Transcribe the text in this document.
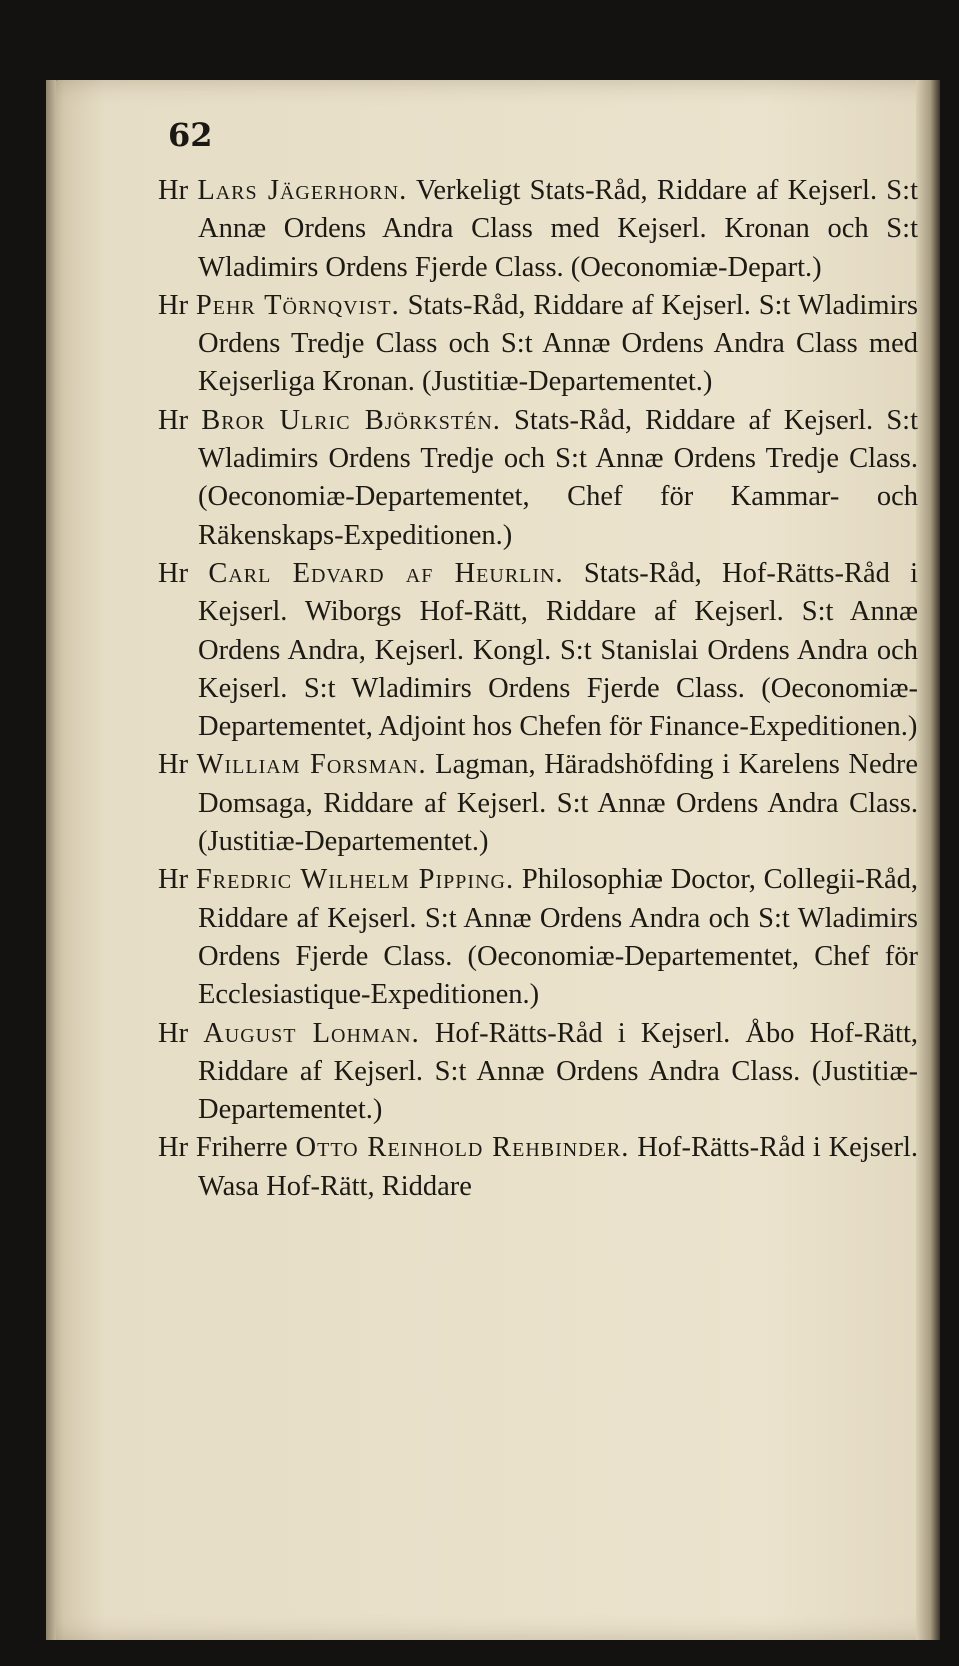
62

Hr Lars Jägerhorn. Verkeligt Stats-Råd, Riddare af Kejserl. S:t Annæ Ordens Andra Class med Kejserl. Kronan och S:t Wladimirs Ordens Fjerde Class. (Oeconomiæ-Depart.)

Hr Pehr Törnqvist. Stats-Råd, Riddare af Kejserl. S:t Wladimirs Ordens Tredje Class och S:t Annæ Ordens Andra Class med Kejserliga Kronan. (Justitiæ-Departementet.)

Hr Bror Ulric Björkstén. Stats-Råd, Riddare af Kejserl. S:t Wladimirs Ordens Tredje och S:t Annæ Ordens Tredje Class. (Oeconomiæ-Departementet, Chef för Kammar- och Räkenskaps-Expeditionen.)

Hr Carl Edvard af Heurlin. Stats-Råd, Hof-Rätts-Råd i Kejserl. Wiborgs Hof-Rätt, Riddare af Kejserl. S:t Annæ Ordens Andra, Kejserl. Kongl. S:t Stanislai Ordens Andra och Kejserl. S:t Wladimirs Ordens Fjerde Class. (Oeconomiæ-Departementet, Adjoint hos Chefen för Finance-Expeditionen.)

Hr William Forsman. Lagman, Häradshöfding i Karelens Nedre Domsaga, Riddare af Kejserl. S:t Annæ Ordens Andra Class. (Justitiæ-Departementet.)

Hr Fredric Wilhelm Pipping. Philosophiæ Doctor, Collegii-Råd, Riddare af Kejserl. S:t Annæ Ordens Andra och S:t Wladimirs Ordens Fjerde Class. (Oeconomiæ-Departementet, Chef för Ecclesiastique-Expeditionen.)

Hr August Lohman. Hof-Rätts-Råd i Kejserl. Åbo Hof-Rätt, Riddare af Kejserl. S:t Annæ Ordens Andra Class. (Justitiæ-Departementet.)

Hr Friherre Otto Reinhold Rehbinder. Hof-Rätts-Råd i Kejserl. Wasa Hof-Rätt, Riddare
